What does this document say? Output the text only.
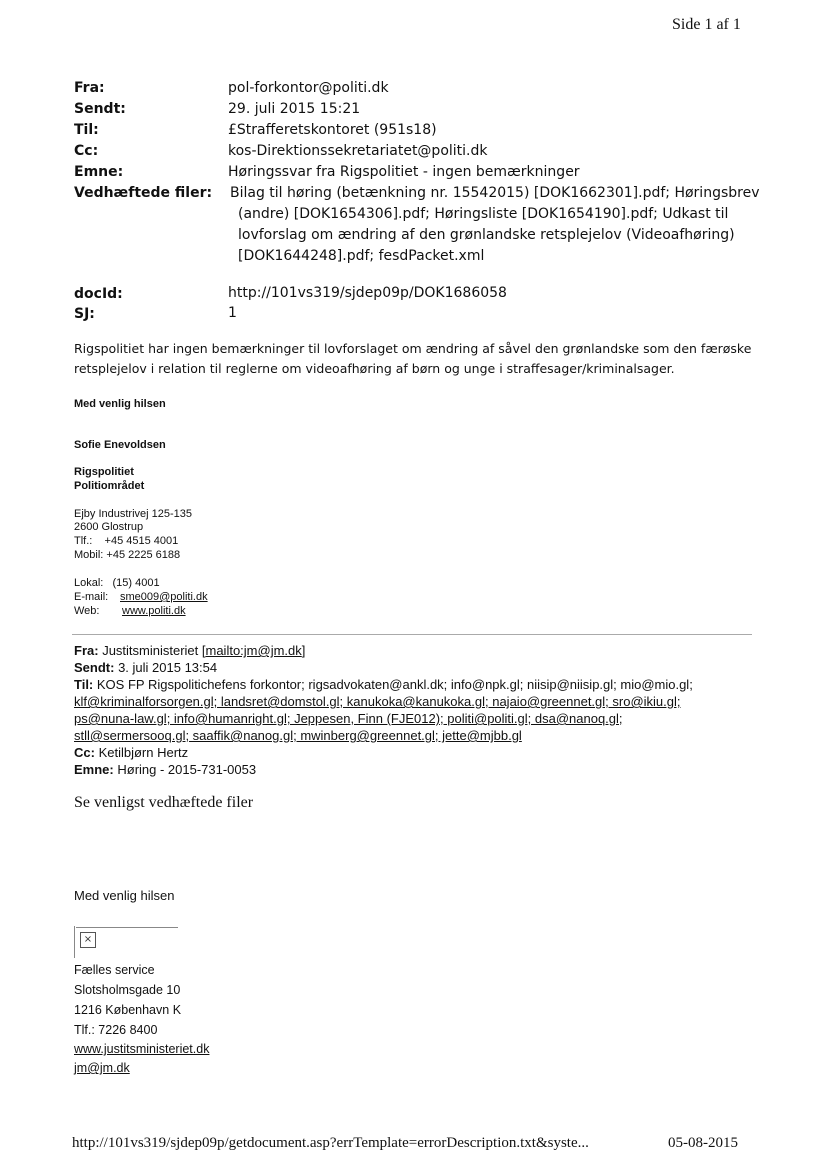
Side 1 af 1
Fra:	pol-forkontor@politi.dk
Sendt:	29. juli 2015 15:21
Til:	£Strafferetskontoret (951s18)
Cc:	kos-Direktionssekretariatet@politi.dk
Emne:	Høringssvar fra Rigspolitiet - ingen bemærkninger
Vedhæftede filer: Bilag til høring (betænkning nr. 15542015) [DOK1662301].pdf; Høringsbrev
(andre) [DOK1654306].pdf; Høringsliste [DOK1654190].pdf; Udkast til
lovforslag om ændring af den grønlandske retsplejelov (Videoafhøring)
[DOK1644248].pdf; fesdPacket.xml
docId:	http://101vs319/sjdep09p/DOK1686058
SJ:	1
Rigspolitiet har ingen bemærkninger til lovforslaget om ændring af såvel den grønlandske som den færøske
retsplejelov i relation til reglerne om videoafhøring af børn og unge i straffesager/kriminalsager.
Med venlig hilsen
Sofie Enevoldsen
Rigspolitiet
Politiområdet
Ejby Industrivej 125-135
2600 Glostrup
Tlf.:    +45 4515 4001
Mobil: +45 2225 6188
Lokal:   (15) 4001
E-mail: sme009@politi.dk
Web: www.politi.dk
Fra: Justitsministeriet [mailto:jm@jm.dk]
Sendt: 3. juli 2015 13:54
Til: KOS FP Rigspolitichefens forkontor; rigsadvokaten@ankl.dk; info@npk.gl; niisip@niisip.gl; mio@mio.gl;
klf@kriminalforsorgen.gl; landsret@domstol.gl; kanukoka@kanukoka.gl; najaio@greennet.gl; sro@ikiu.gl;
ps@nuna-law.gl; info@humanright.gl; Jeppesen, Finn (FJE012); politi@politi.gl; dsa@nanoq.gl;
stll@sermersooq.gl; saaffik@nanog.gl; mwinberg@greennet.gl; jette@mjbb.gl
Cc: Ketilbjørn Hertz
Emne: Høring - 2015-731-0053
Se venligst vedhæftede filer
Med venlig hilsen
×
Fælles service
Slotsholmsgade 10
1216 København K
Tlf.: 7226 8400
www.justitsministeriet.dk
jm@jm.dk
http://101vs319/sjdep09p/getdocument.asp?errTemplate=errorDescription.txt&syste...	05-08-2015
